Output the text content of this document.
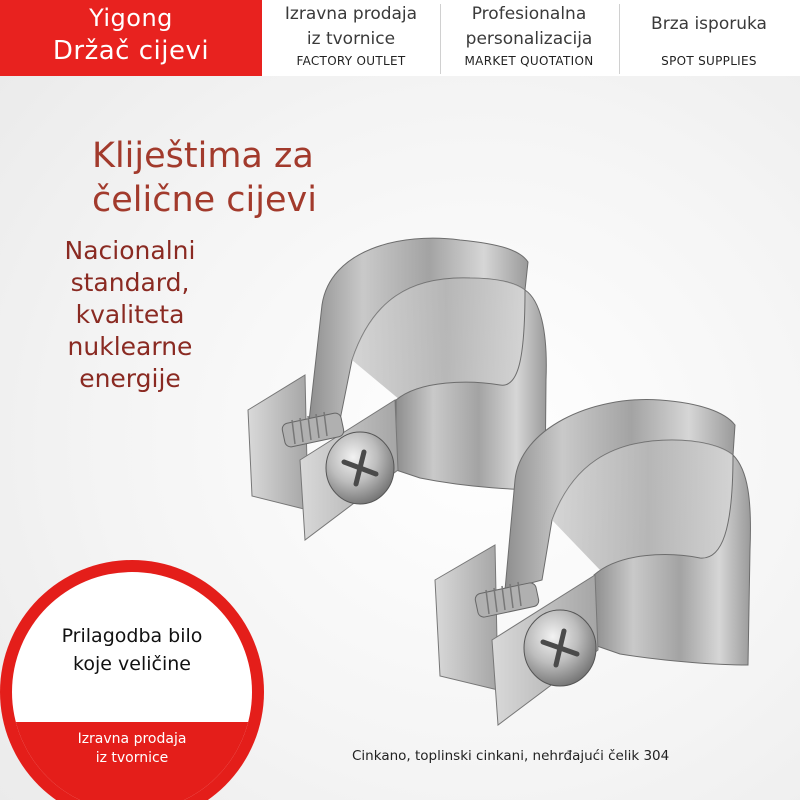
Yigong
Držač cijevi
Izravna prodaja
iz tvornice
FACTORY OUTLET
Profesionalna
personalizacija
MARKET QUOTATION
Brza isporuka
SPOT SUPPLIES
Kliještima za
čelične cijevi
Nacionalni
standard,
kvaliteta
nuklearne
energije
Prilagodba bilo
koje veličine
Izravna prodaja
iz tvornice	Cinkano, toplinski cinkani, nehrđajući čelik 304
